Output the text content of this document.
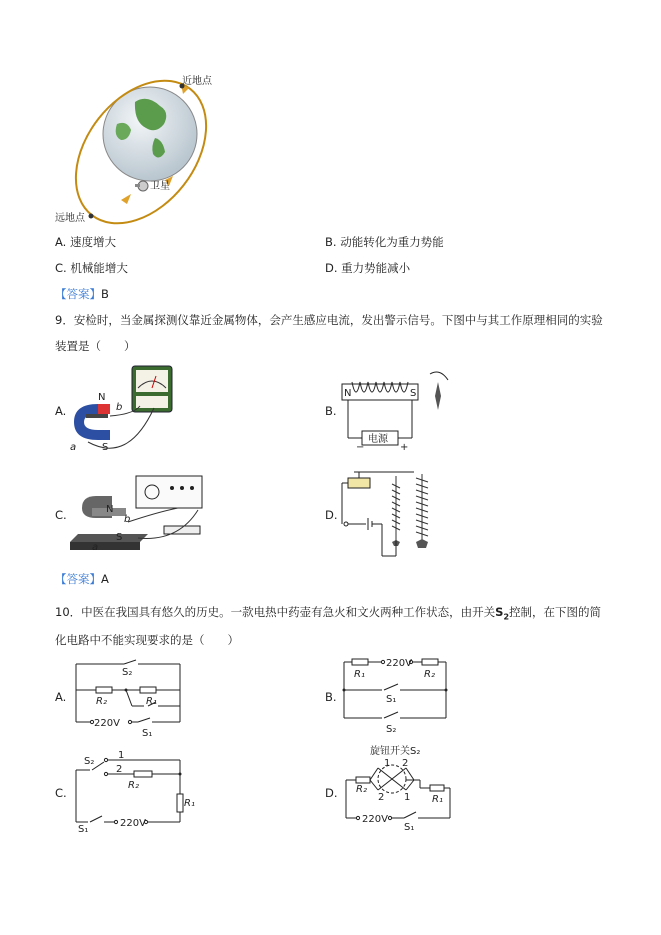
近地点
卫星
远地点
A. 速度增大	B. 动能转化为重力势能
C. 机械能增大	D. 重力势能减小
【答案】B
9．安检时，当金属探测仪靠近金属物体，会产生感应电流，发出警示信号。下图中与其工作原理相同的实验
装置是（　　）
A.
N
S
a
b	B.
N	S
电源
−	+
C.	N
S
a
b	D.
【答案】A
10．中医在我国具有悠久的历史。一款电热中药壶有急火和文火两种工作状态，由开关$S_2$控制，在下图的简
化电路中不能实现要求的是（　　）
A.
S₂
R₂	R₁
220V
S₁
B.
220V
R₁	R₂
S₁
S₂
C.
1
S₂
2
R₂
R₁
S₁
220V
D.
旋钮开关S₂
1 2
2 1
R₂
R₁
220V
S₁
